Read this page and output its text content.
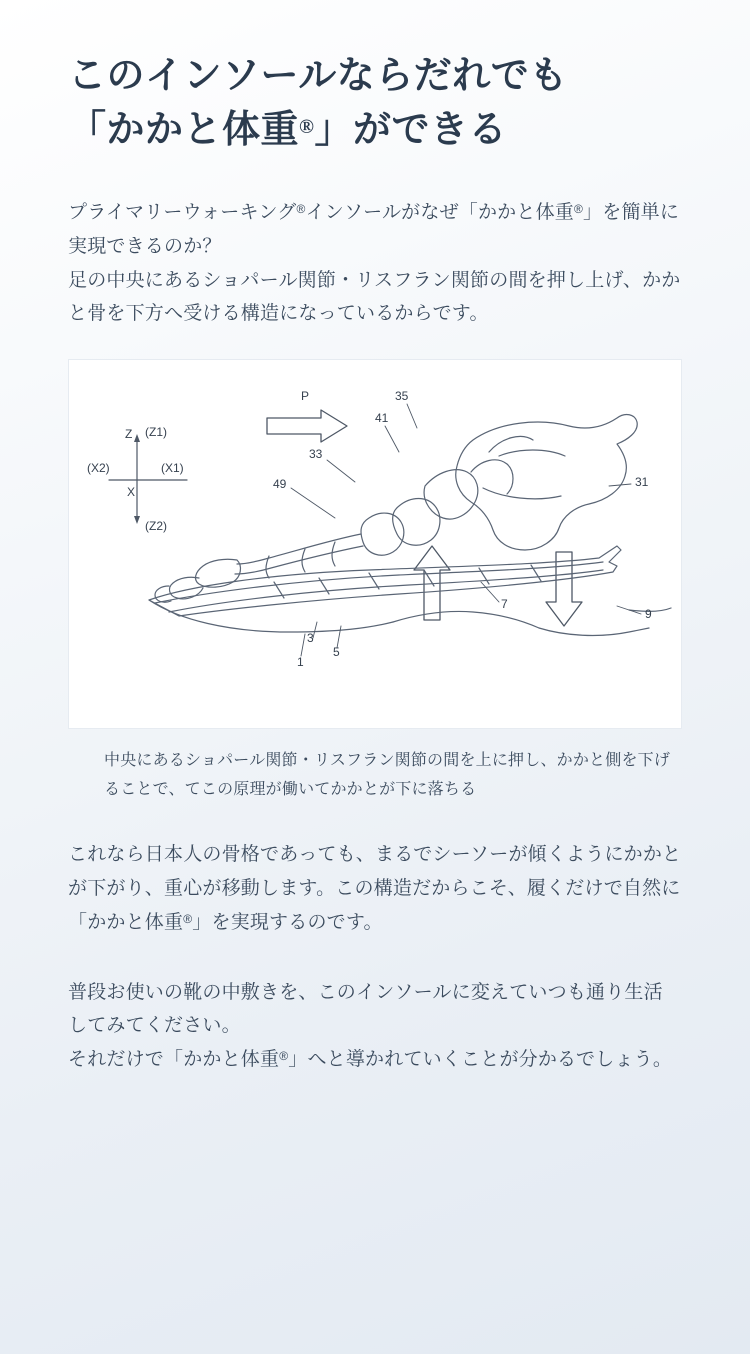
このインソールならだれでも
「かかと体重®」ができる

プライマリーウォーキング®インソールがなぜ「かかと体重®」を簡単に実現できるのか？
足の中央にあるショパール関節・リスフラン関節の間を押し上げ、かかと骨を下方へ受ける構造になっているからです。

P
Z (Z1)
(Z2)
X
(X1)
(X2)
35
41
33
49	31
9
7
5
3
1

中央にあるショパール関節・リスフラン関節の間を上に押し、かかと側を下げることで、てこの原理が働いてかかとが下に落ちる

これなら日本人の骨格であっても、まるでシーソーが傾くようにかかとが下がり、重心が移動します。この構造だからこそ、履くだけで自然に「かかと体重®」を実現するのです。

普段お使いの靴の中敷きを、このインソールに変えていつも通り生活してみてください。
それだけで「かかと体重®」へと導かれていくことが分かるでしょう。
